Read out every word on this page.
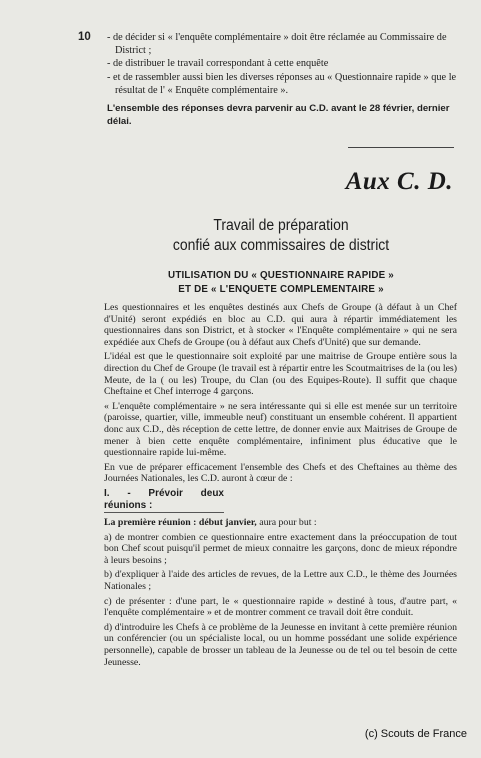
10 - de décider si « l'enquête complémentaire » doit être réclamée au Commissaire de District ;

- de distribuer le travail correspondant à cette enquête

- et de rassembler aussi bien les diverses réponses au « Questionnaire rapide » que le résultat de l' « Enquête complémentaire ».

L'ensemble des réponses devra parvenir au C.D. avant le 28 février, dernier délai.
Aux C. D.
Travail de préparation
confié aux commissaires de district
UTILISATION DU « QUESTIONNAIRE RAPIDE »
ET DE « L'ENQUETE COMPLEMENTAIRE »

Les questionnaires et les enquêtes destinés aux Chefs de Groupe (à défaut à un Chef d'Unité) seront expédiés en bloc au C.D. qui aura à répartir immédiatement les questionnaires dans son District, et à stocker « l'Enquête complémentaire » qui ne sera expédiée aux Chefs de Groupe (ou à défaut aux Chefs d'Unité) que sur demande.

L'idéal est que le questionnaire soit exploité par une maitrise de Groupe entière sous la direction du Chef de Groupe (le travail est à répartir entre les Scoutmaitrises de la (ou les) Meute, de la ( ou les) Troupe, du Clan (ou des Equipes-Route). Il suffit que chaque Cheftaine et Chef interroge 4 garçons.

« L'enquête complémentaire » ne sera intéressante qui si elle est menée sur un territoire (paroisse, quartier, ville, immeuble neuf) constituant un ensemble cohérent. Il appartient donc aux C.D., dès réception de cette lettre, de donner envie aux Maitrises de Groupe de mener à bien cette enquête complémentaire, infiniment plus éducative que le questionnaire rapide lui-même.

En vue de préparer efficacement l'ensemble des Chefs et des Cheftaines au thème des Journées Nationales, les C.D. auront à cœur de :

I. - Prévoir deux réunions :

La première réunion : début janvier, aura pour but :

a) de montrer combien ce questionnaire entre exactement dans la préoccupation de tout bon Chef scout puisqu'il permet de mieux connaitre les garçons, donc de mieux répondre à leurs besoins ;

b) d'expliquer à l'aide des articles de revues, de la Lettre aux C.D., le thème des Journées Nationales ;

c) de présenter : d'une part, le « questionnaire rapide » destiné à tous, d'autre part, « l'enquête complémentaire » et de montrer comment ce travail doit être conduit.

d) d'introduire les Chefs à ce problème de la Jeunesse en invitant à cette première réunion un conférencier (ou un spécialiste local, ou un homme possédant une solide expérience personnelle), capable de brosser un tableau de la Jeunesse ou de tel ou tel besoin de cette Jeunesse.

(c) Scouts de France
